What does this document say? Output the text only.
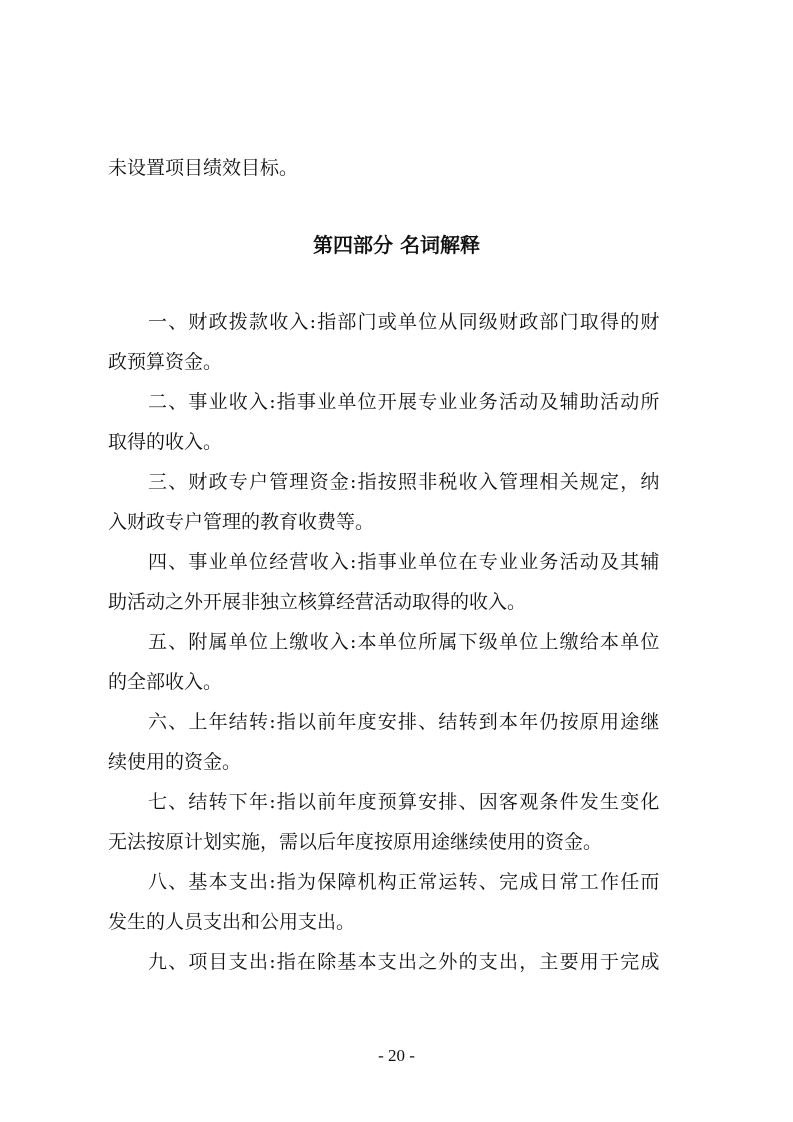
未设置项目绩效目标。
第四部分 名词解释
一、财政拨款收入:指部门或单位从同级财政部门取得的财
政预算资金。
二、事业收入:指事业单位开展专业业务活动及辅助活动所
取得的收入。
三、财政专户管理资金:指按照非税收入管理相关规定，纳
入财政专户管理的教育收费等。
四、事业单位经营收入:指事业单位在专业业务活动及其辅
助活动之外开展非独立核算经营活动取得的收入。
五、附属单位上缴收入:本单位所属下级单位上缴给本单位
的全部收入。
六、上年结转:指以前年度安排、结转到本年仍按原用途继
续使用的资金。
七、结转下年:指以前年度预算安排、因客观条件发生变化
无法按原计划实施，需以后年度按原用途继续使用的资金。
八、基本支出:指为保障机构正常运转、完成日常工作任而
发生的人员支出和公用支出。
九、项目支出:指在除基本支出之外的支出，主要用于完成
- 20 -
